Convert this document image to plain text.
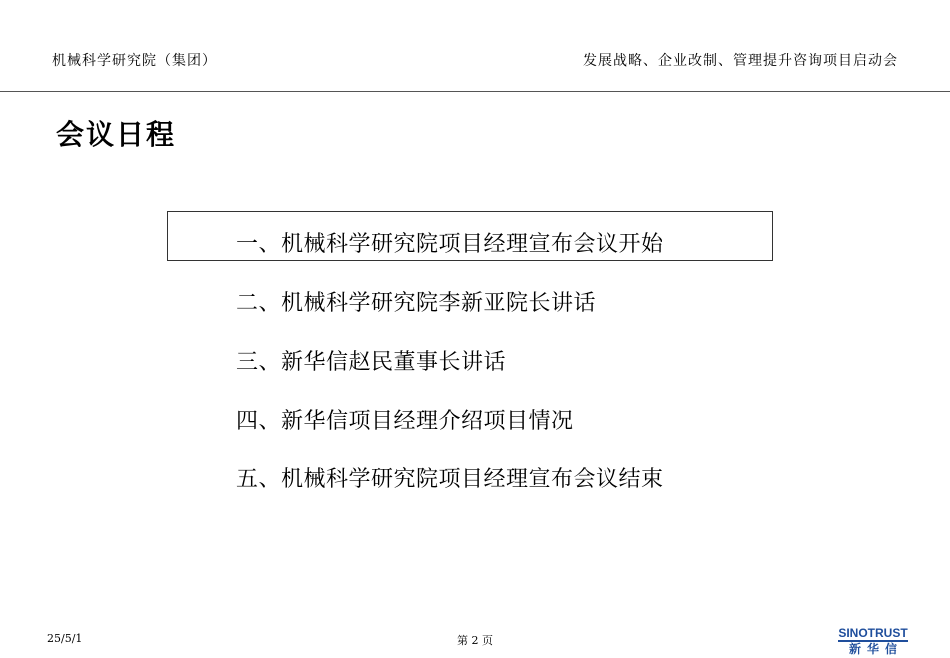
机械科学研究院（集团）	发展战略、企业改制、管理提升咨询项目启动会
会议日程
一、机械科学研究院项目经理宣布会议开始
二、机械科学研究院李新亚院长讲话
三、新华信赵民董事长讲话
四、新华信项目经理介绍项目情况
五、机械科学研究院项目经理宣布会议结束
25/5/1	第 2 页
SINOTRUST
新华信
